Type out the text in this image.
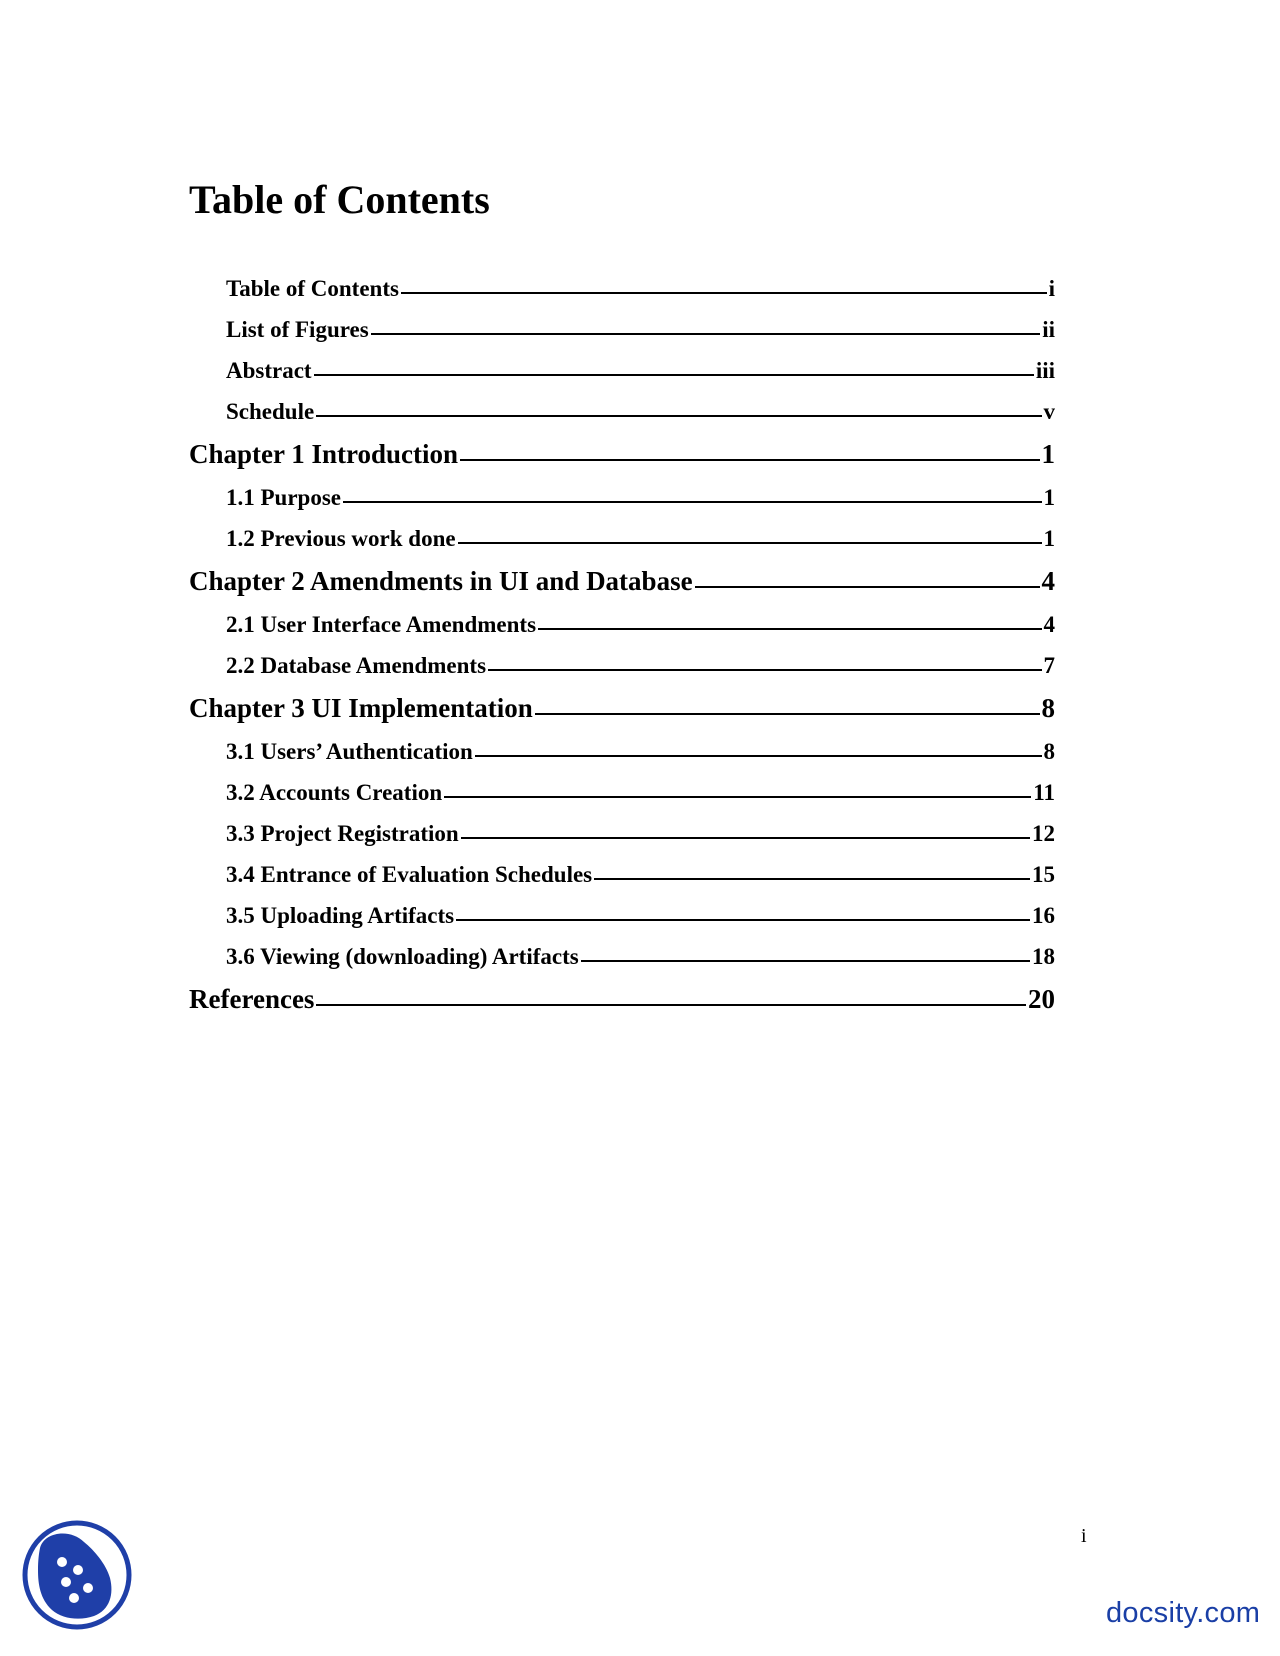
Table of Contents
Table of Contents	i
List of Figures	ii
Abstract	iii
Schedule	v
Chapter 1 Introduction	1
1.1 Purpose	1
1.2 Previous work done	1
Chapter 2 Amendments in UI and Database	4
2.1 User Interface Amendments	4
2.2 Database Amendments	7
Chapter 3 UI Implementation	8
3.1 Users’ Authentication	8
3.2 Accounts Creation	11
3.3 Project Registration	12
3.4 Entrance of Evaluation Schedules	15
3.5 Uploading Artifacts	16
3.6 Viewing (downloading) Artifacts	18
References	20
i
docsity.com
